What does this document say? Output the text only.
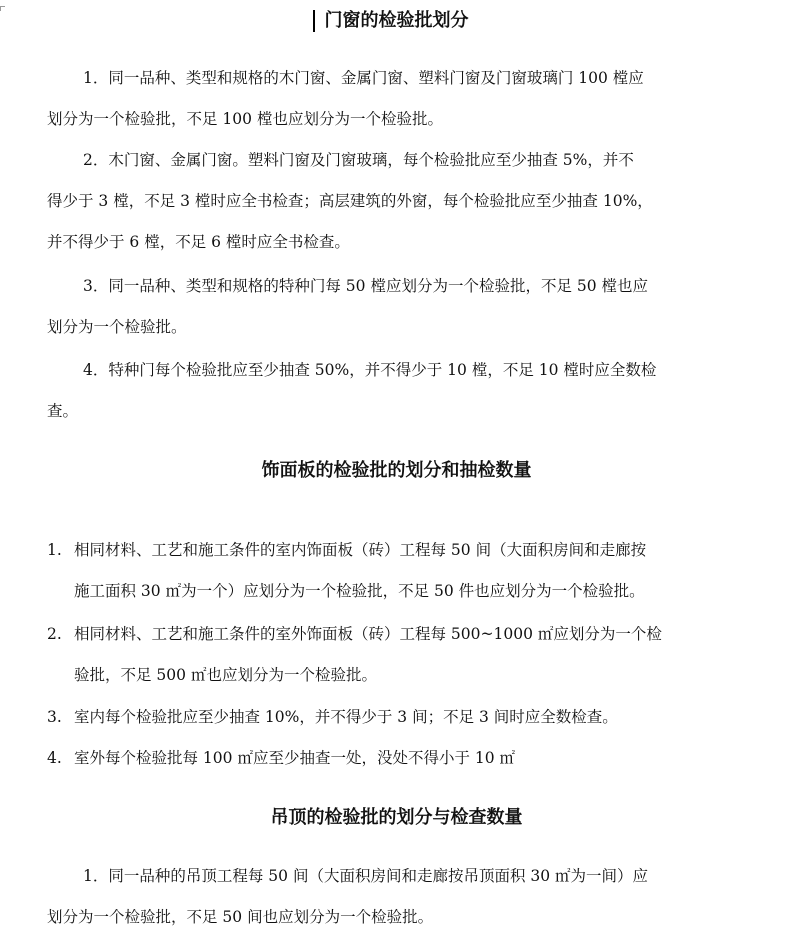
门窗的检验批划分
1．同一品种、类型和规格的木门窗、金属门窗、塑料门窗及门窗玻璃门 100 樘应
划分为一个检验批，不足 100 樘也应划分为一个检验批。
2．木门窗、金属门窗。塑料门窗及门窗玻璃，每个检验批应至少抽查 5%，并不
得少于 3 樘，不足 3 樘时应全书检查；高层建筑的外窗，每个检验批应至少抽查 10%，
并不得少于 6 樘，不足 6 樘时应全书检查。
3．同一品种、类型和规格的特种门每 50 樘应划分为一个检验批，不足 50 樘也应
划分为一个检验批。
4．特种门每个检验批应至少抽查 50%，并不得少于 10 樘，不足 10 樘时应全数检
查。
饰面板的检验批的划分和抽检数量
1. 相同材料、工艺和施工条件的室内饰面板（砖）工程每 50 间（大面积房间和走廊按
施工面积 30 ㎡为一个）应划分为一个检验批，不足 50 件也应划分为一个检验批。
2. 相同材料、工艺和施工条件的室外饰面板（砖）工程每 500~1000 ㎡应划分为一个检
验批，不足 500 ㎡也应划分为一个检验批。
3. 室内每个检验批应至少抽查 10%，并不得少于 3 间；不足 3 间时应全数检查。
4. 室外每个检验批每 100 ㎡应至少抽查一处，没处不得小于 10 ㎡
吊顶的检验批的划分与检查数量
1．同一品种的吊顶工程每 50 间（大面积房间和走廊按吊顶面积 30 ㎡为一间）应
划分为一个检验批，不足 50 间也应划分为一个检验批。
